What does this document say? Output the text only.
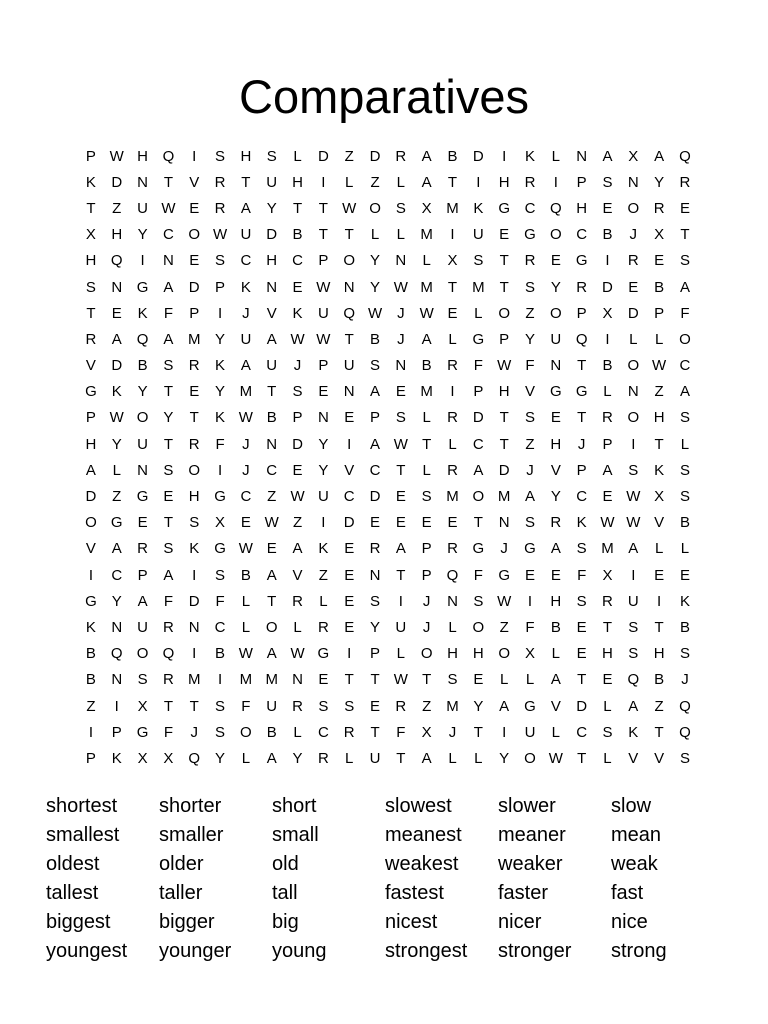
Comparatives
P W H Q	I	S	H	S	L	D	Z	D R	A	B	D	I	K	L	N	A	X	A Q
K	D N	T	V	R	T	U H	I	L	Z	L	A	T	I	H R	I	P	S	N	Y	R
T	Z	U W E	R	A	Y	T	T W O S	X M K G C Q H	E O R	E
X	H	Y	C O W U D	B	T	T	L	L	M	I	U	E G O C	B	J	X	T
H Q	I	N	E	S	C H C	P O Y	N	L	X	S	T	R	E G	I	R	E	S
S	N G A	D	P	K	N	E W N	Y W M	T M	T	S	Y	R D	E	B	A
T	E	K	F	P	I	J	V	K	U Q W J	W E	L	O	Z	O P	X	D	P	F
R	A Q A M Y	U	A W W T	B	J	A	L	G P	Y	U Q	I	L	L	O
V	D	B	S	R	K	A	U	J	P	U	S	N	B	R	F W F	N	T	B O W C
G K	Y	T	E	Y M	T	S	E	N	A	E M	I	P	H	V G G	L	N	Z	A
P W O Y	T	K W B	P	N	E	P	S	L	R D	T	S	E	T	R O H	S
H	Y	U	T	R	F	J	N D	Y	I	A W T	L	C	T	Z	H	J	P	I	T	L
A	L	N	S O	I	J	C	E	Y	V	C	T	L	R	A	D	J	V	P	A	S	K	S
D	Z	G E	H G C	Z W U C D	E	S M O M A	Y	C	E W X	S
O G E	T	S	X	E W Z	I	D	E	E	E	E	T	N	S	R	K W W V	B
V	A	R	S	K G W E	A	K	E	R	A	P	R G	J	G A	S M A	L	L
I	C	P	A	I	S	B	A	V	Z	E	N	T	P Q	F	G E	E	F	X	I	E	E
G Y	A	F	D	F	L	T	R	L	E	S	I	J	N	S W	I	H	S	R U	I	K
K	N U R N C	L	O	L	R	E	Y	U	J	L	O	Z	F	B	E	T	S	T	B
B Q O Q	I	B W A W G	I	P	L	O H H O X	L	E	H	S	H	S
B	N	S	R M	I	M M N	E	T	T W T	S	E	L	L	A	T	E Q B	J
Z	I	X	T	T	S	F	U R	S	S	E	R	Z M Y	A G V	D	L	A	Z	Q
I	P G	F	J	S O B	L	C R	T	F	X	J	T	I	U	L	C	S	K	T	Q
P	K	X	X Q Y	L	A	Y	R	L	U	T	A	L	L	Y O W T	L	V	V	S
shortest	shorter	short	slowest	slower	slow
smallest	smaller	small	meanest	meaner	mean
oldest	older	old	weakest	weaker	weak
tallest	taller	tall	fastest	faster	fast
biggest	bigger	big	nicest	nicer	nice
youngest	younger	young	strongest	stronger	strong
